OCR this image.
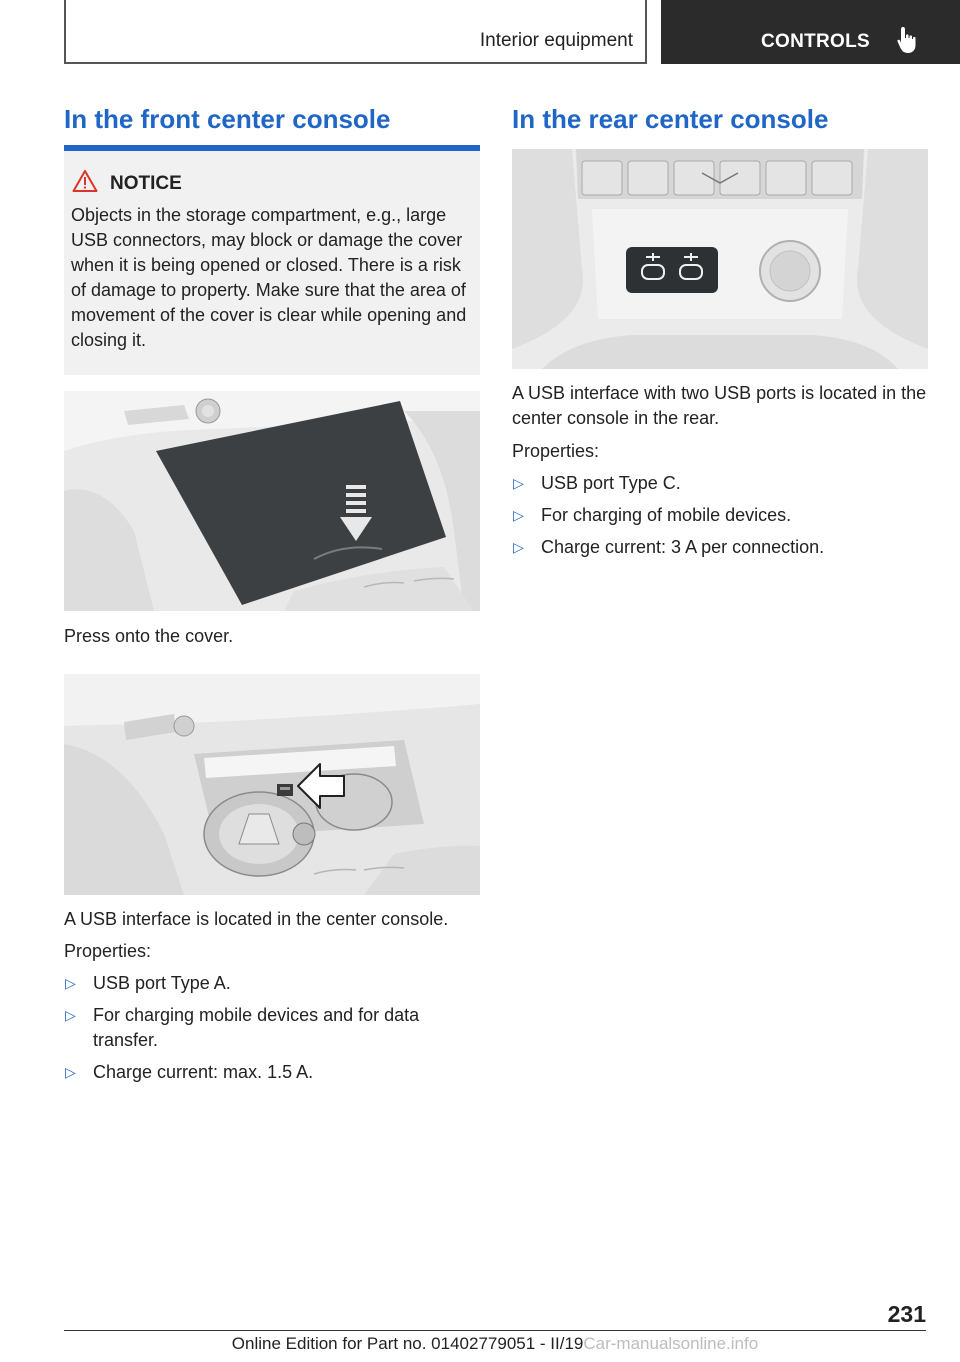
Interior equipment	CONTROLS
In the front center console
NOTICE
Objects in the storage compartment, e.g., large USB connectors, may block or damage the cover when it is being opened or closed. There is a risk of damage to property. Make sure that the area of movement of the cover is clear while opening and closing it.

Press onto the cover.

A USB interface is located in the center console.

Properties:

▷ USB port Type A.
▷ For charging mobile devices and for data transfer.
▷ Charge current: max. 1.5 A.
In the rear center console

A USB interface with two USB ports is located in the center console in the rear.

Properties:

▷ USB port Type C.
▷ For charging of mobile devices.
▷ Charge current: 3 A per connection.
231
Online Edition for Part no. 01402779051 - II/19Car-manualsonline.info
